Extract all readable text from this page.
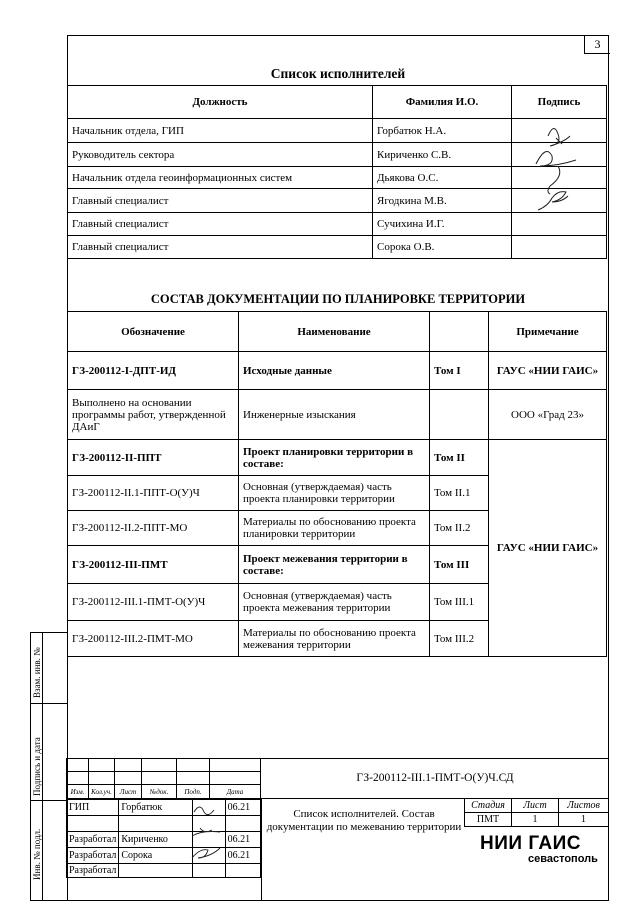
3
Список исполнителей
Должность	Фамилия И.О.	Подпись
Начальник отдела, ГИП	Горбатюк Н.А.	
Руководитель сектора	Кириченко С.В.	
Начальник отдела геоинформационных систем	Дьякова О.С.	
Главный специалист	Ягодкина М.В.	
Главный специалист	Сучихина И.Г.	
Главный специалист	Сорока О.В.	
СОСТАВ ДОКУМЕНТАЦИИ ПО ПЛАНИРОВКЕ ТЕРРИТОРИИ
Обозначение	Наименование		Примечание
ГЗ-200112-I-ДПТ-ИД	Исходные данные	Том I	ГАУС «НИИ ГАИС»
Выполнено на основании программы работ, утвержденной ДАиГ	Инженерные изыскания		ООО «Град 23»
ГЗ-200112-II-ППТ	Проект планировки территории в составе:	Том II	ГАУС «НИИ ГАИС»
ГЗ-200112-II.1-ППТ-О(У)Ч	Основная (утверждаемая) часть проекта планировки территории	Том II.1	
ГЗ-200112-II.2-ППТ-МО	Материалы по обоснованию проекта планировки территории	Том II.2	
ГЗ-200112-III-ПМТ	Проект межевания территории в составе:	Том III	
ГЗ-200112-III.1-ПМТ-О(У)Ч	Основная (утверждаемая) часть проекта межевания территории	Том III.1	
ГЗ-200112-III.2-ПМТ-МО	Материалы по обоснованию проекта межевания территории	Том III.2	
Взам. инв. №
Подпись и дата
Инв. № подл.

Изм.	Кол.уч.	Лист	№док.	Подп.	Дата
ГИП	Горбатюк		06.21

Разработал	Кириченко		06.21
Разработал	Сорока		06.21
Разработал			
ГЗ-200112-III.1-ПМТ-О(У)Ч.СД
Список исполнителей. Состав документации по межеванию территории
Стадия	Лист	Листов
ПМТ	1	1
НИИ ГАИС
севастополь
